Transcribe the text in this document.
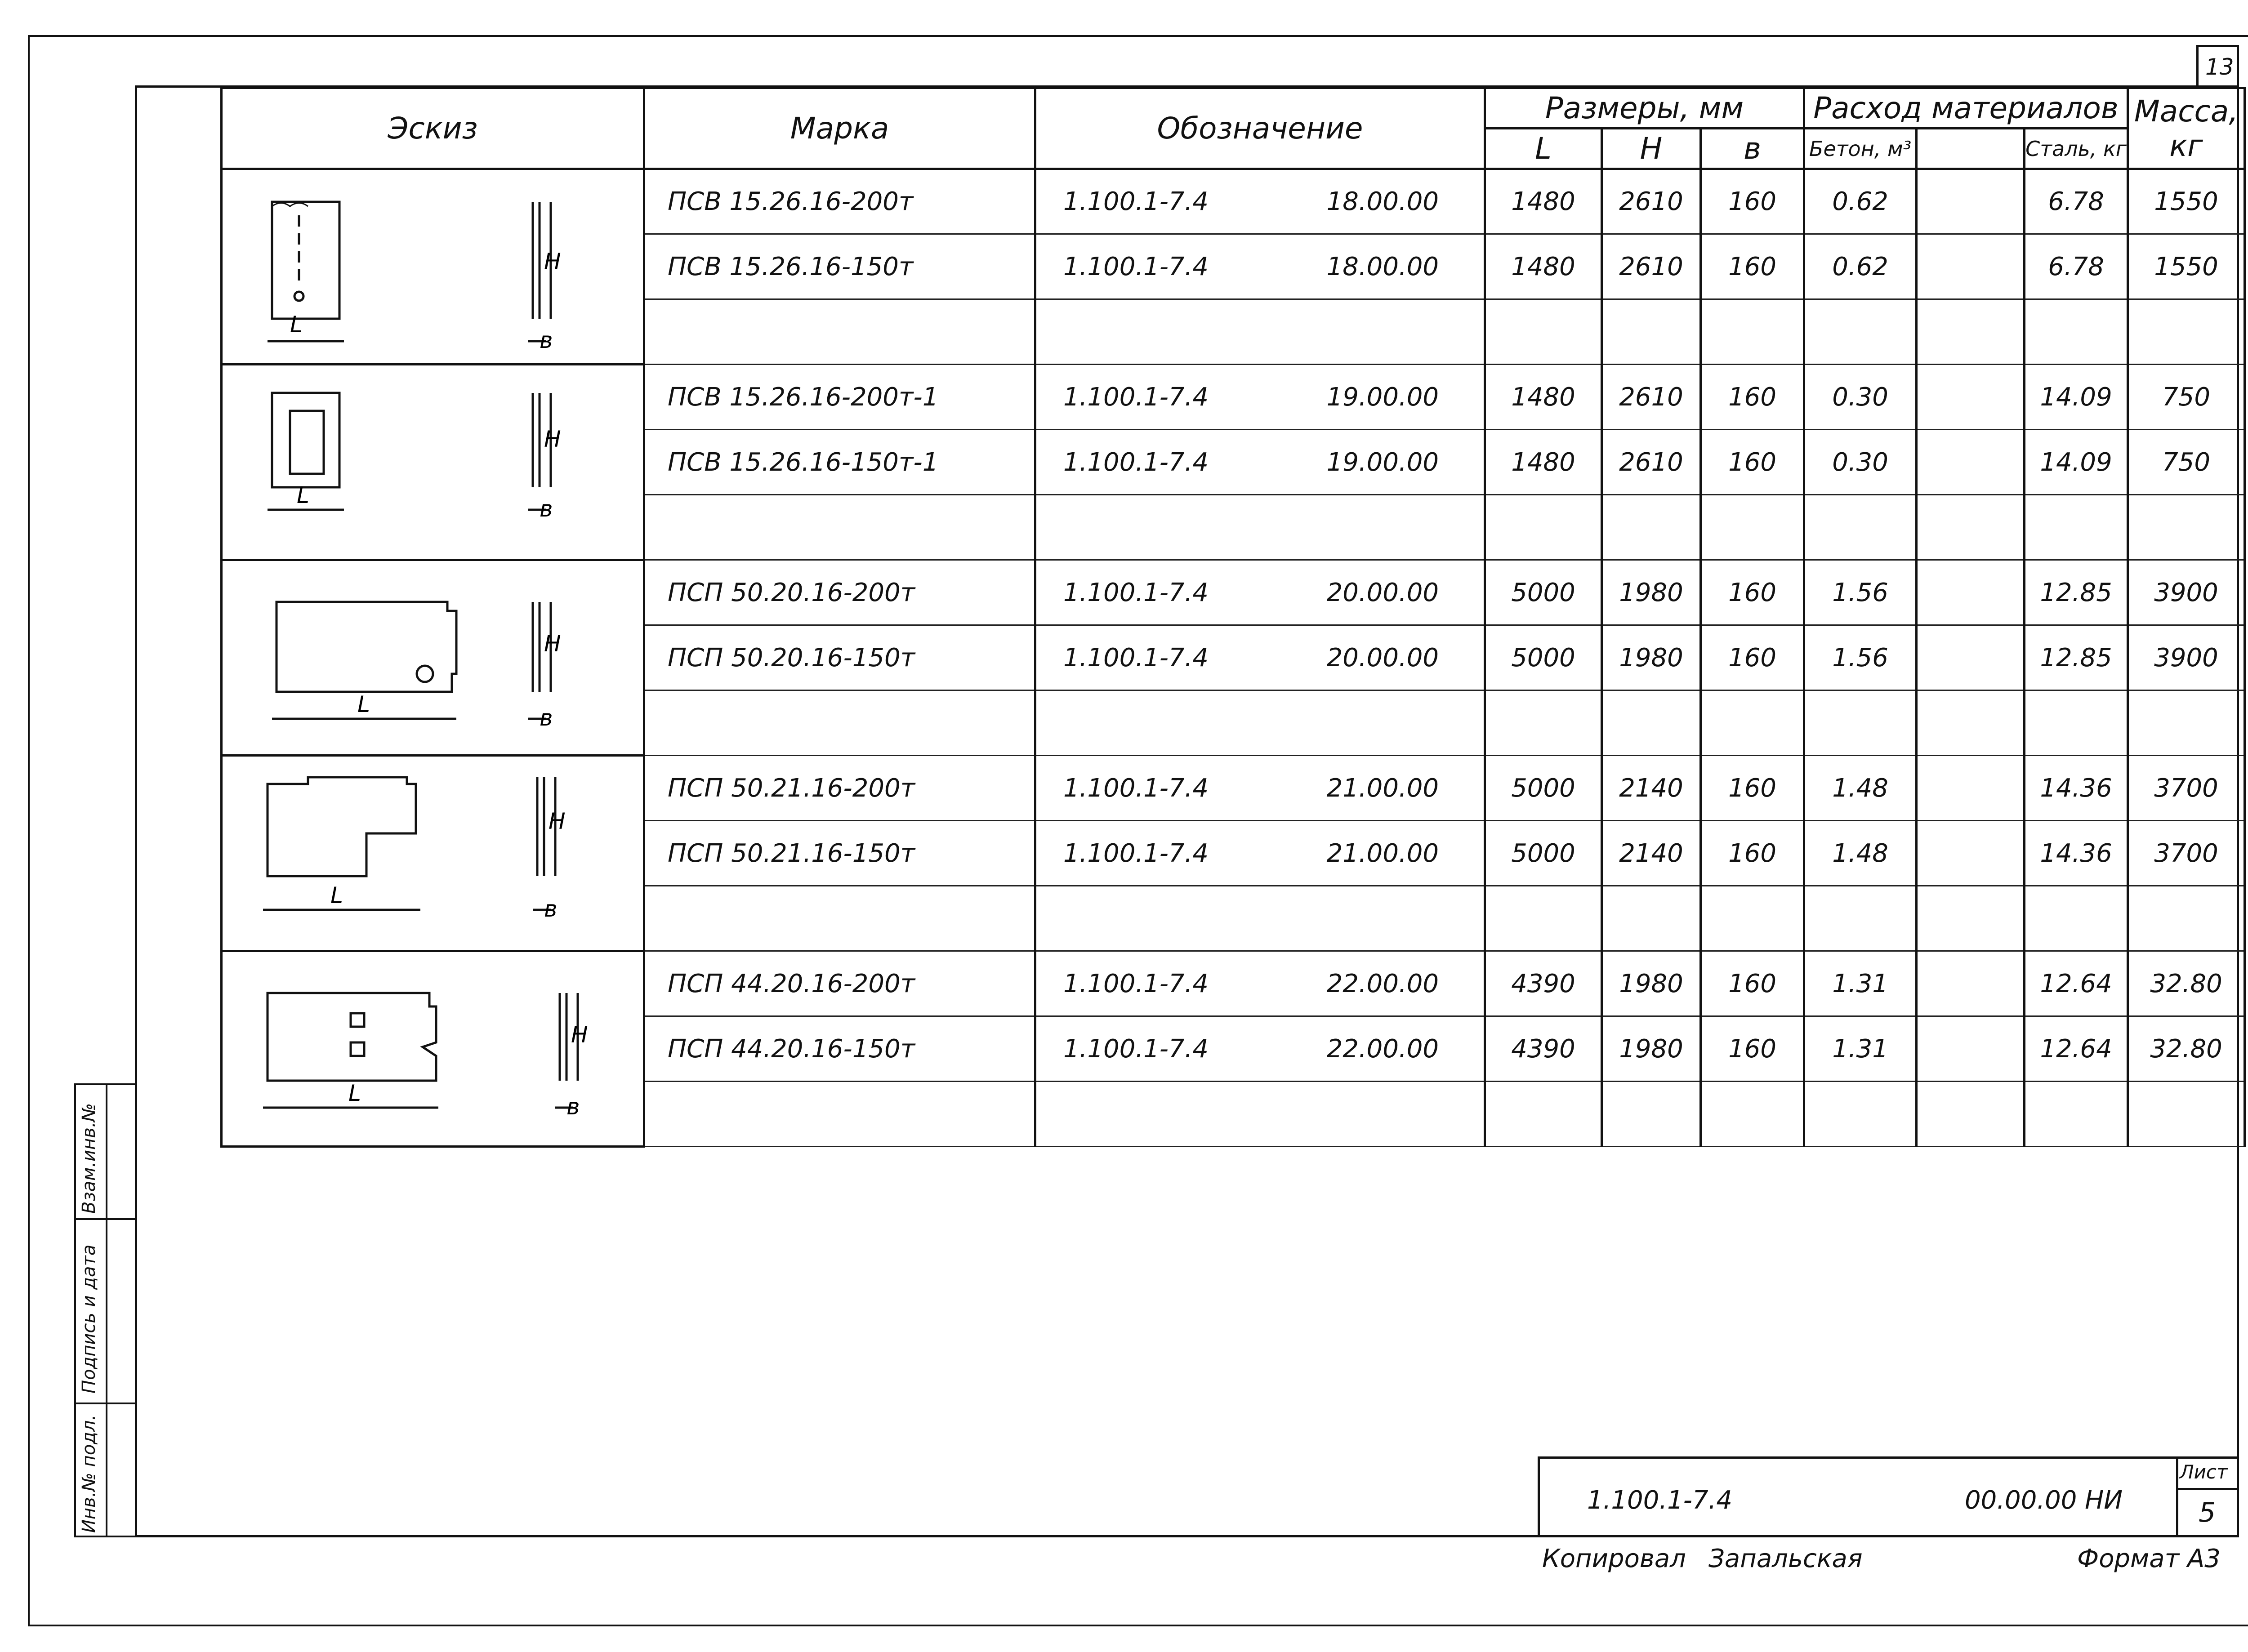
13
Эскиз	Марка	Обозначение	Размеры, мм			Расход материалов			Масса, кг
			L	H	в	Бетон, м³		Сталь, кг	

L
H
в	ПСВ 15.26.16-200т	1.100.1-7.4 18.00.00	1480	2610	160	0.62		6.78	1550
	ПСВ 15.26.16-150т	1.100.1-7.4 18.00.00	1480	2610	160	0.62		6.78	1550

L
H
в	ПСВ 15.26.16-200т-1	1.100.1-7.4 19.00.00	1480	2610	160	0.30		14.09	750
	ПСВ 15.26.16-150т-1	1.100.1-7.4 19.00.00	1480	2610	160	0.30		14.09	750

L
H
в	ПСП 50.20.16-200т	1.100.1-7.4 20.00.00	5000	1980	160	1.56		12.85	3900
	ПСП 50.20.16-150т	1.100.1-7.4 20.00.00	5000	1980	160	1.56		12.85	3900

L
H
в	ПСП 50.21.16-200т	1.100.1-7.4 21.00.00	5000	2140	160	1.48		14.36	3700
	ПСП 50.21.16-150т	1.100.1-7.4 21.00.00	5000	2140	160	1.48		14.36	3700

L
H
в	ПСП 44.20.16-200т	1.100.1-7.4 22.00.00	4390	1980	160	1.31		12.64	32.80
	ПСП 44.20.16-150т	1.100.1-7.4 22.00.00	4390	1980	160	1.31		12.64	32.80

Взам.инв.№
Подпись и дата
Инв.№ подл.	1.100.1-7.4	00.00.00 НИ
Лист
5
Копировал Запальская	Формат А3
